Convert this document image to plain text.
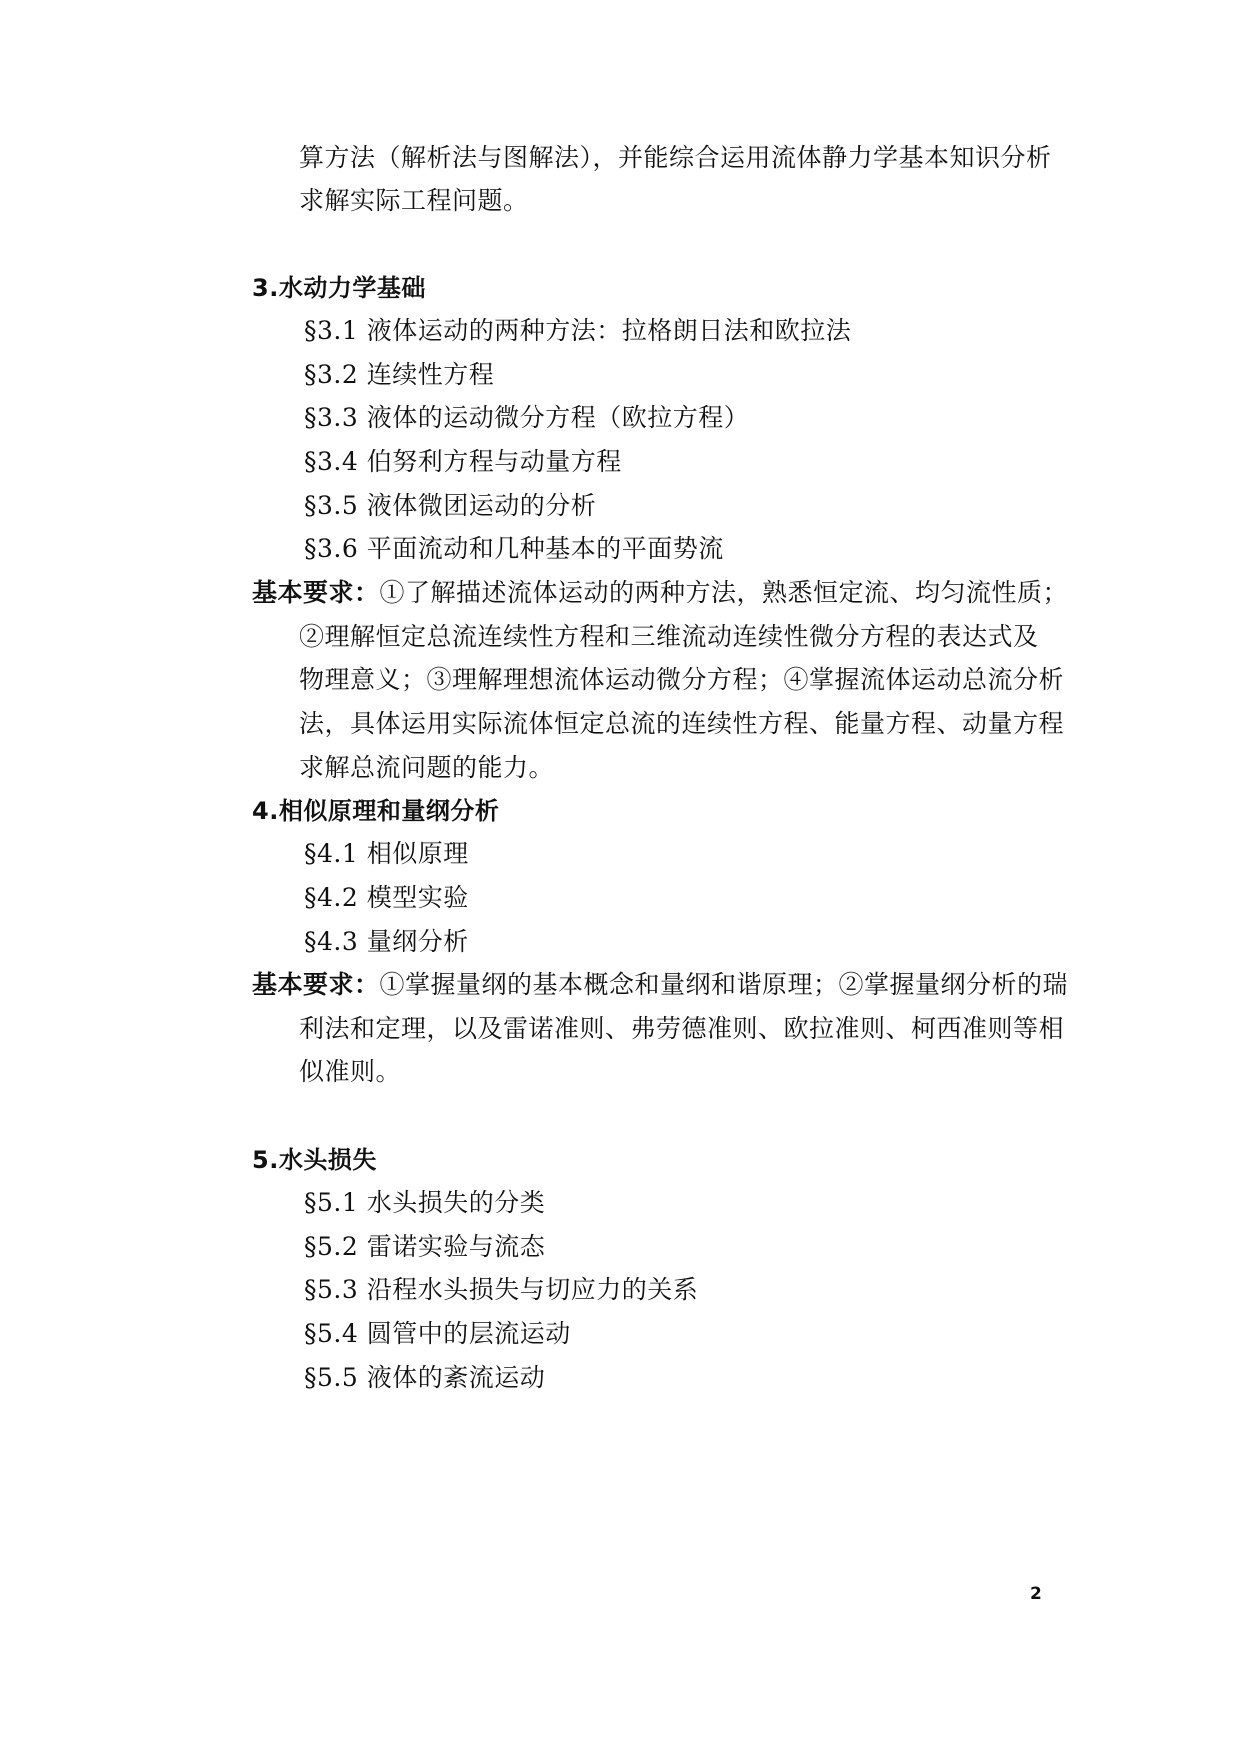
算方法（解析法与图解法），并能综合运用流体静力学基本知识分析
求解实际工程问题。
3.水动力学基础
§3.1 液体运动的两种方法：拉格朗日法和欧拉法
§3.2 连续性方程
§3.3 液体的运动微分方程（欧拉方程）
§3.4 伯努利方程与动量方程
§3.5 液体微团运动的分析
§3.6 平面流动和几种基本的平面势流
基本要求：①了解描述流体运动的两种方法，熟悉恒定流、均匀流性质；
②理解恒定总流连续性方程和三维流动连续性微分方程的表达式及
物理意义；③理解理想流体运动微分方程；④掌握流体运动总流分析
法，具体运用实际流体恒定总流的连续性方程、能量方程、动量方程
求解总流问题的能力。
4.相似原理和量纲分析
§4.1 相似原理
§4.2 模型实验
§4.3 量纲分析
基本要求：①掌握量纲的基本概念和量纲和谐原理；②掌握量纲分析的瑞
利法和定理，以及雷诺准则、弗劳德准则、欧拉准则、柯西准则等相
似准则。
5.水头损失
§5.1 水头损失的分类
§5.2 雷诺实验与流态
§5.3 沿程水头损失与切应力的关系
§5.4 圆管中的层流运动
§5.5 液体的紊流运动
2
